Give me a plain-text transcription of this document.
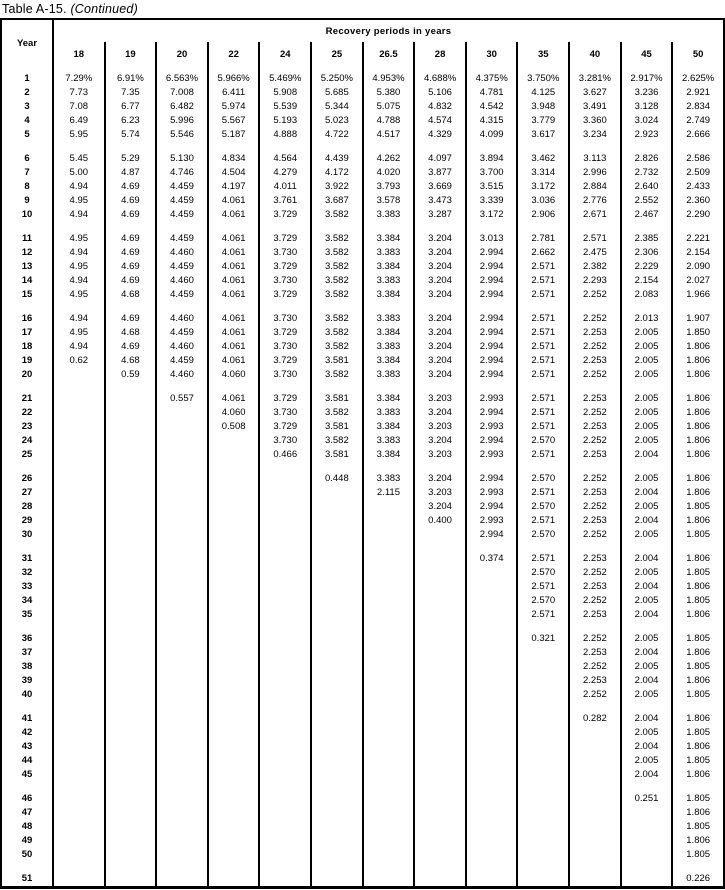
Table A-15. (Continued)
Year	Recovery periods in years												
	18	19	20	22	24	25	26.5	28	30	35	40	45	50

1	7.29%	6.91%	6.563%	5.966%	5.469%	5.250%	4.953%	4.688%	4.375%	3.750%	3.281%	2.917%	2.625%
2	7.73	7.35	7.008	6.411	5.908	5.685	5.380	5.106	4.781	4.125	3.627	3.236	2.921
3	7.08	6.77	6.482	5.974	5.539	5.344	5.075	4.832	4.542	3.948	3.491	3.128	2.834
4	6.49	6.23	5.996	5.567	5.193	5.023	4.788	4.574	4.315	3.779	3.360	3.024	2.749
5	5.95	5.74	5.546	5.187	4.888	4.722	4.517	4.329	4.099	3.617	3.234	2.923	2.666

6	5.45	5.29	5.130	4.834	4.564	4.439	4.262	4.097	3.894	3.462	3.113	2.826	2.586
7	5.00	4.87	4.746	4.504	4.279	4.172	4.020	3.877	3.700	3.314	2.996	2.732	2.509
8	4.94	4.69	4.459	4.197	4.011	3.922	3.793	3.669	3.515	3.172	2.884	2.640	2.433
9	4.95	4.69	4.459	4.061	3.761	3.687	3.578	3.473	3.339	3.036	2.776	2.552	2.360
10	4.94	4.69	4.459	4.061	3.729	3.582	3.383	3.287	3.172	2.906	2.671	2.467	2.290

11	4.95	4.69	4.459	4.061	3.729	3.582	3.384	3.204	3.013	2.781	2.571	2.385	2.221
12	4.94	4.69	4.460	4.061	3.730	3.582	3.383	3.204	2.994	2.662	2.475	2.306	2.154
13	4.95	4.69	4.459	4.061	3.729	3.582	3.384	3.204	2.994	2.571	2.382	2.229	2.090
14	4.94	4.69	4.460	4.061	3.730	3.582	3.383	3.204	2.994	2.571	2.293	2.154	2.027
15	4.95	4.68	4.459	4.061	3.729	3.582	3.384	3.204	2.994	2.571	2.252	2.083	1.966

16	4.94	4.69	4.460	4.061	3.730	3.582	3.383	3.204	2.994	2.571	2.252	2.013	1.907
17	4.95	4.68	4.459	4.061	3.729	3.582	3.384	3.204	2.994	2.571	2.253	2.005	1.850
18	4.94	4.69	4.460	4.061	3.730	3.582	3.383	3.204	2.994	2.571	2.252	2.005	1.806
19	0.62	4.68	4.459	4.061	3.729	3.581	3.384	3.204	2.994	2.571	2.253	2.005	1.806
20		0.59	4.460	4.060	3.730	3.582	3.383	3.204	2.994	2.571	2.252	2.005	1.806

21			0.557	4.061	3.729	3.581	3.384	3.203	2.993	2.571	2.253	2.005	1.806
22				4.060	3.730	3.582	3.383	3.204	2.994	2.571	2.252	2.005	1.806
23				0.508	3.729	3.581	3.384	3.203	2.993	2.571	2.253	2.005	1.806
24					3.730	3.582	3.383	3.204	2.994	2.570	2.252	2.005	1.806
25					0.466	3.581	3.384	3.203	2.993	2.571	2.253	2.004	1.806

26						0.448	3.383	3.204	2.994	2.570	2.252	2.005	1.806
27							2.115	3.203	2.993	2.571	2.253	2.004	1.806
28								3.204	2.994	2.570	2.252	2.005	1.805
29								0.400	2.993	2.571	2.253	2.004	1.806
30									2.994	2.570	2.252	2.005	1.805

31									0.374	2.571	2.253	2.004	1.806
32										2.570	2.252	2.005	1.805
33										2.571	2.253	2.004	1.806
34										2.570	2.252	2.005	1.805
35										2.571	2.253	2.004	1.806

36										0.321	2.252	2.005	1.805
37											2.253	2.004	1.806
38											2.252	2.005	1.805
39											2.253	2.004	1.806
40											2.252	2.005	1.805

41											0.282	2.004	1.806
42												2.005	1.805
43												2.004	1.806
44												2.005	1.805
45												2.004	1.806

46												0.251	1.805
47													1.806
48													1.805
49													1.806
50													1.805

51													0.226
